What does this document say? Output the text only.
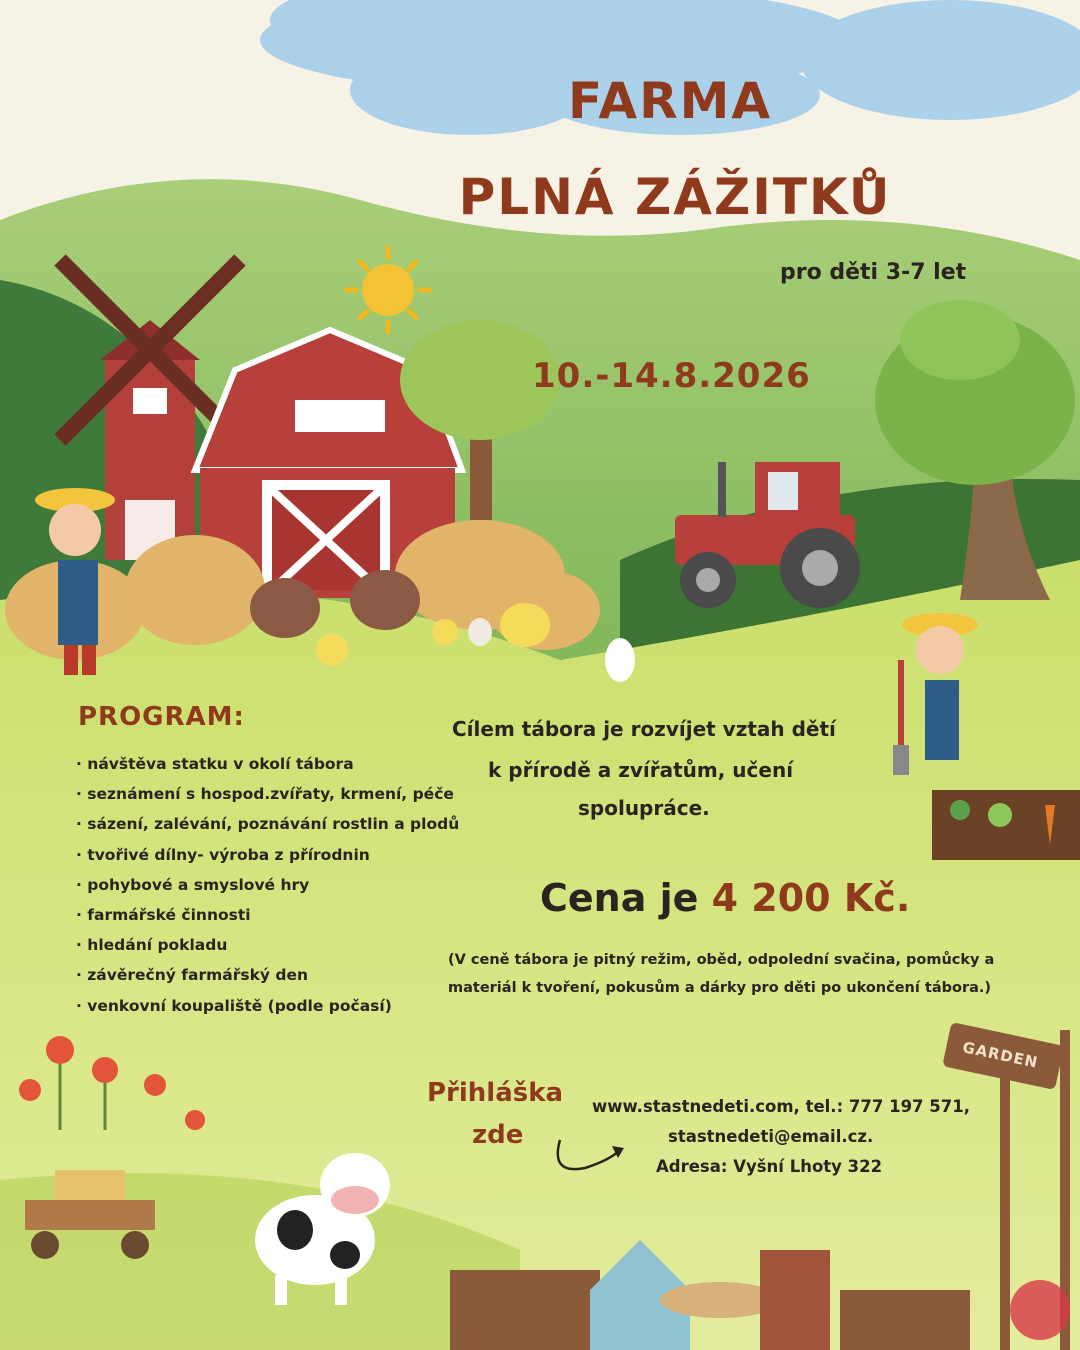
FARMA
PLNÁ ZÁŽITKŮ
pro děti 3-7 let
10.-14.8.2026
PROGRAM:
· návštěva statku v okolí tábora
· seznámení s hospod.zvířaty, krmení, péče
· sázení, zalévání, poznávání rostlin a plodů
· tvořivé dílny- výroba z přírodnin
· pohybové a smyslové hry
· farmářské činnosti
· hledání pokladu
· závěrečný farmářský den
· venkovní koupaliště (podle počasí)
Cílem tábora je rozvíjet vztah dětí
k přírodě a zvířatům, učení
spolupráce.
Cena je 4 200 Kč.
(V ceně tábora je pitný režim, oběd, odpolední svačina, pomůcky a
materiál k tvoření, pokusům a dárky pro děti po ukončení tábora.)
Přihláška
zde
www.stastnedeti.com, tel.: 777 197 571,
stastnedeti@email.cz.
Adresa: Vyšní Lhoty 322
GARDEN
